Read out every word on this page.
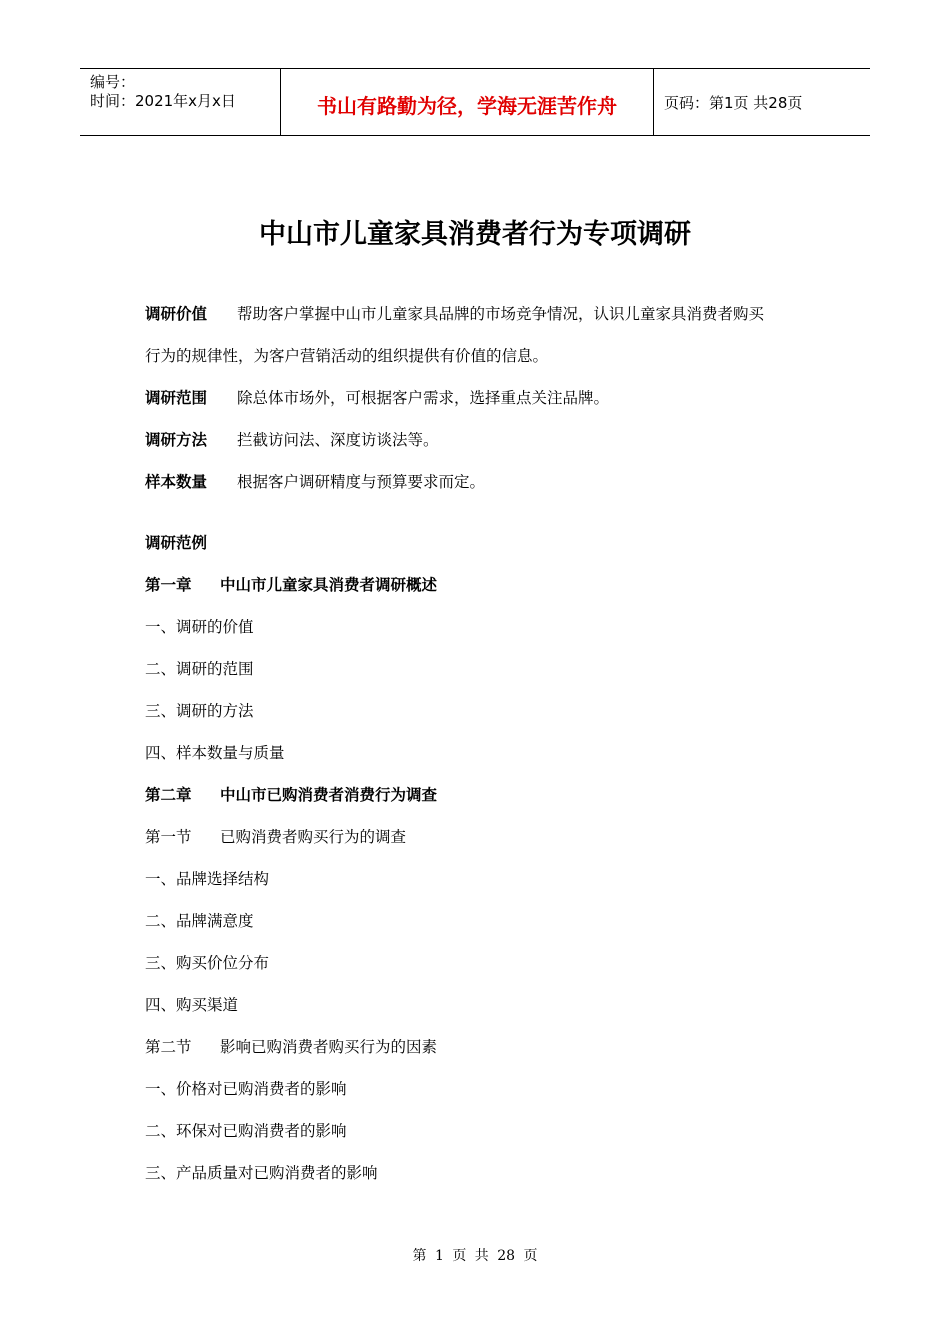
编号：
时间：2021年x月x日	书山有路勤为径，学海无涯苦作舟	页码：第1页 共28页
中山市儿童家具消费者行为专项调研
调研价值 帮助客户掌握中山市儿童家具品牌的市场竞争情况，认识儿童家具消费者购买
行为的规律性，为客户营销活动的组织提供有价值的信息。
调研范围 除总体市场外，可根据客户需求，选择重点关注品牌。
调研方法 拦截访问法、深度访谈法等。
样本数量 根据客户调研精度与预算要求而定。
调研范例
第一章 中山市儿童家具消费者调研概述
一、调研的价值
二、调研的范围
三、调研的方法
四、样本数量与质量
第二章 中山市已购消费者消费行为调查
第一节 已购消费者购买行为的调查
一、品牌选择结构
二、品牌满意度
三、购买价位分布
四、购买渠道
第二节 影响已购消费者购买行为的因素
一、价格对已购消费者的影响
二、环保对已购消费者的影响
三、产品质量对已购消费者的影响
第 1 页 共 28 页
